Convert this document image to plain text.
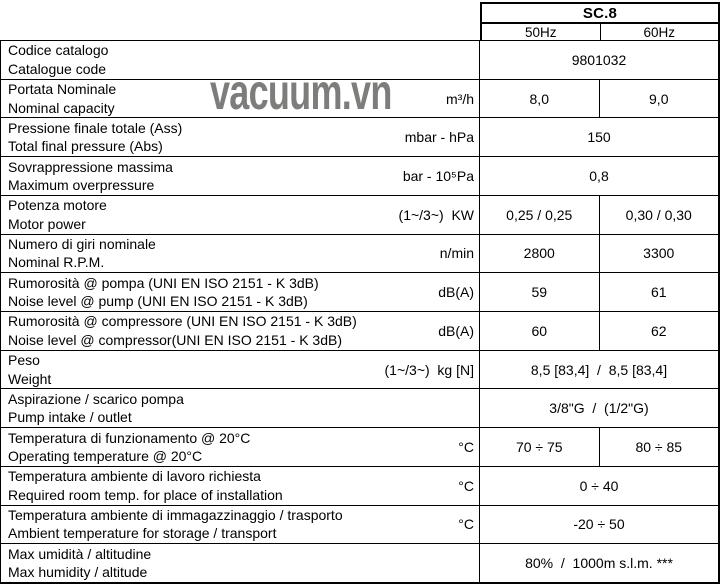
vacuum.vn
SC.8
50Hz	60Hz
Codice catalogo
Catalogue code
9801032
Portata Nominale
Nominal capacity
m³/h	8,0	9,0
Pressione finale totale (Ass)
Total final pressure (Abs)
mbar - hPa	150
Sovrappressione massima
Maximum overpressure
bar - 10⁵Pa	0,8
Potenza motore
Motor power
(1~/3~)  KW	0,25 / 0,25	0,30 / 0,30
Numero di giri nominale
Nominal R.P.M.
n/min	2800	3300
Rumorosità @ pompa (UNI EN ISO 2151 - K 3dB)
Noise level @ pump (UNI EN ISO 2151 - K 3dB)
dB(A)	59	61
Rumorosità @ compressore (UNI EN ISO 2151 - K 3dB)
Noise level @ compressor(UNI EN ISO 2151 - K 3dB)
dB(A)	60	62
Peso
Weight
(1~/3~)  kg [N]	8,5 [83,4]  /  8,5 [83,4]
Aspirazione / scarico pompa
Pump intake / outlet
3/8"G  /  (1/2"G)
Temperatura di funzionamento @ 20°C
Operating temperature @ 20°C
°C	70 ÷ 75	80 ÷ 85
Temperatura ambiente di lavoro richiesta
Required room temp. for place of installation
°C	0 ÷ 40
Temperatura ambiente di immagazzinaggio / trasporto
Ambient temperature for storage / transport
°C	-20 ÷ 50
Max umidità / altitudine
Max humidity / altitude
80%  /  1000m s.l.m. ***
